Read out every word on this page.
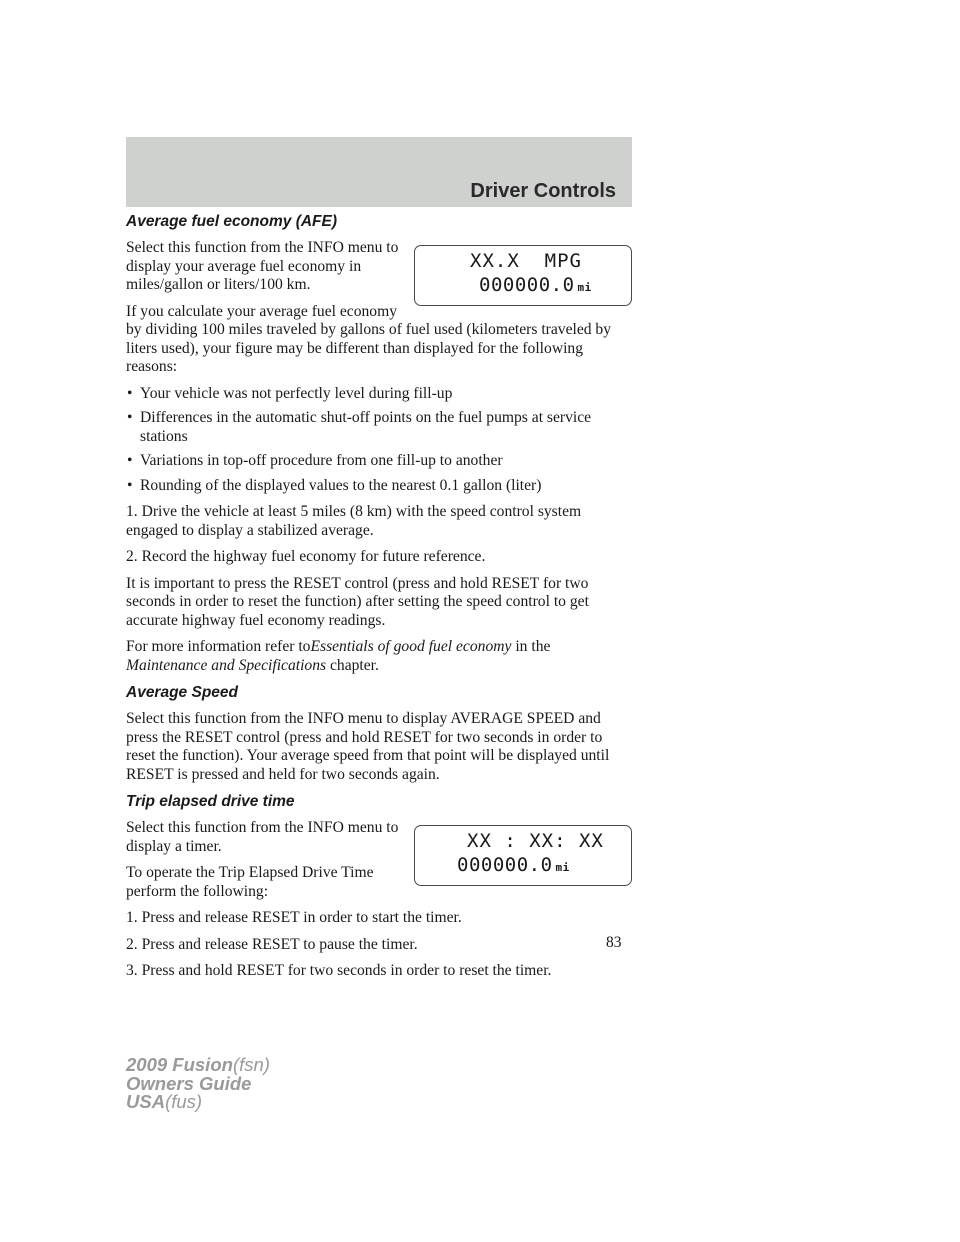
Driver Controls
Average fuel economy (AFE)
XX.X  MPG
000000.0 mi

Select this function from the INFO menu to display your average fuel economy in miles/gallon or liters/100 km.

If you calculate your average fuel economy by dividing 100 miles traveled by gallons of fuel used (kilometers traveled by liters used), your figure may be different than displayed for the following reasons:

• Your vehicle was not perfectly level during fill-up
• Differences in the automatic shut-off points on the fuel pumps at service stations
• Variations in top-off procedure from one fill-up to another
• Rounding of the displayed values to the nearest 0.1 gallon (liter)

1. Drive the vehicle at least 5 miles (8 km) with the speed control system engaged to display a stabilized average.

2. Record the highway fuel economy for future reference.

It is important to press the RESET control (press and hold RESET for two seconds in order to reset the function) after setting the speed control to get accurate highway fuel economy readings.

For more information refer toEssentials of good fuel economy in the Maintenance and Specifications chapter.

Average Speed

Select this function from the INFO menu to display AVERAGE SPEED and press the RESET control (press and hold RESET for two seconds in order to reset the function). Your average speed from that point will be displayed until RESET is pressed and held for two seconds again.

Trip elapsed drive time
XX : XX: XX
000000.0 mi

Select this function from the INFO menu to display a timer.

To operate the Trip Elapsed Drive Time perform the following:

1. Press and release RESET in order to start the timer.

2. Press and release RESET to pause the timer.

3. Press and hold RESET for two seconds in order to reset the timer.

83
2009 Fusion(fsn)
Owners Guide
USA(fus)
